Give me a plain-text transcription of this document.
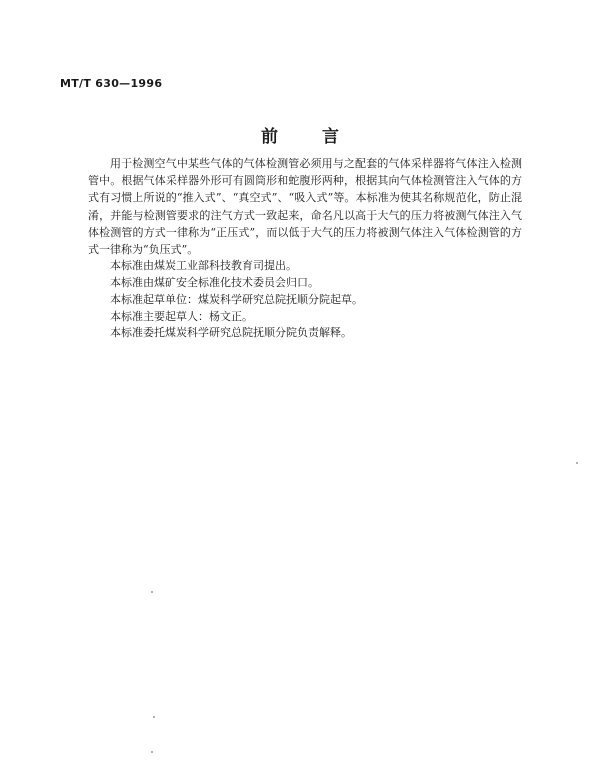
MT/T 630—1996
前言

用于检测空气中某些气体的气体检测管必须用与之配套的气体采样器将气体注入检测管中。根据气体采样器外形可有圆筒形和蛇腹形两种，根据其向气体检测管注入气体的方式有习惯上所说的“推入式”、“真空式”、“吸入式”等。本标准为使其名称规范化，防止混淆，并能与检测管要求的注气方式一致起来，命名凡以高于大气的压力将被测气体注入气体检测管的方式一律称为“正压式”，而以低于大气的压力将被测气体注入气体检测管的方式一律称为“负压式”。

本标准由煤炭工业部科技教育司提出。

本标准由煤矿安全标准化技术委员会归口。

本标准起草单位：煤炭科学研究总院抚顺分院起草。

本标准主要起草人：杨文正。

本标准委托煤炭科学研究总院抚顺分院负责解释。
